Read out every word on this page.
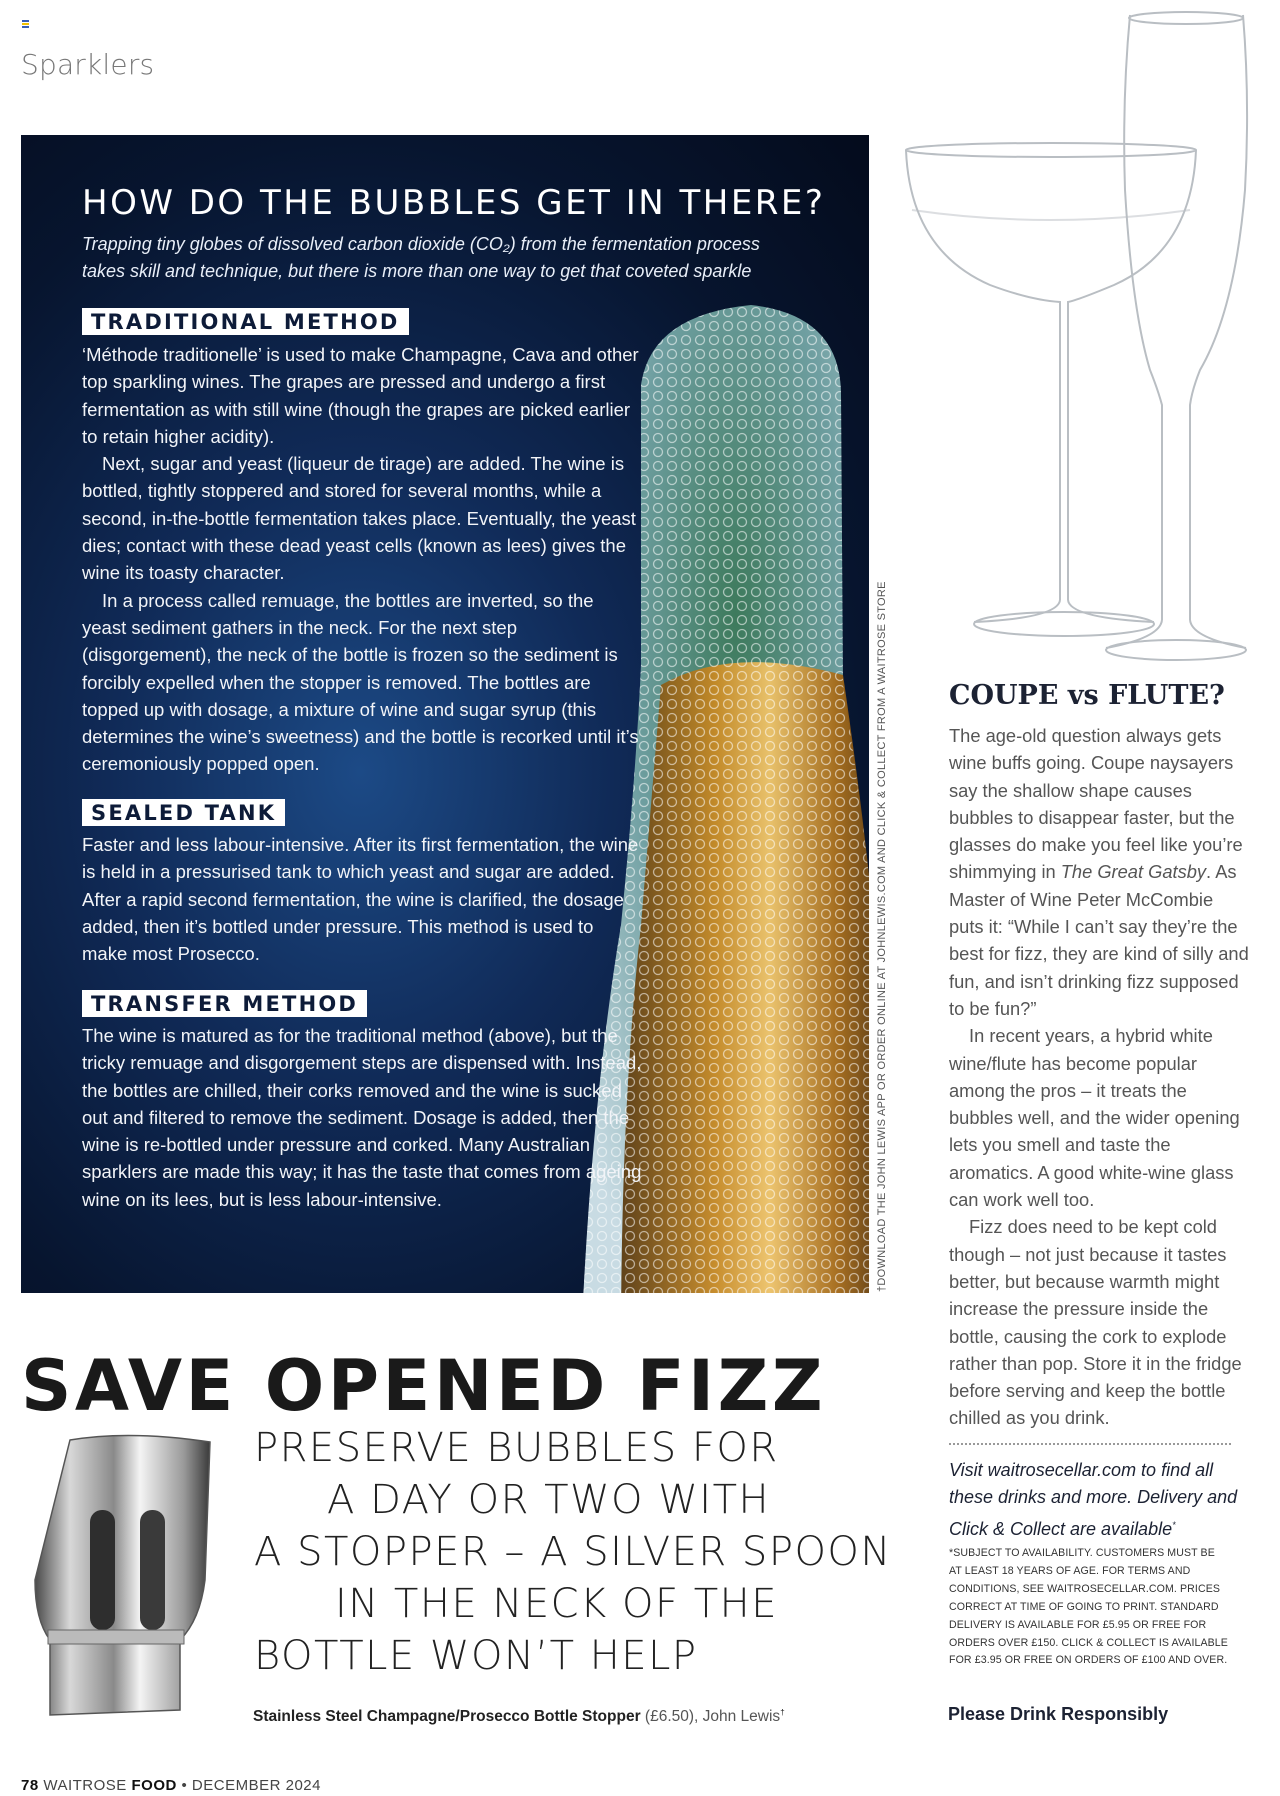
Sparklers
HOW DO THE BUBBLES GET IN THERE?
Trapping tiny globes of dissolved carbon dioxide (CO₂) from the fermentation process takes skill and technique, but there is more than one way to get that coveted sparkle
TRADITIONAL METHOD

‘Méthode traditionelle’ is used to make Champagne, Cava and other top sparkling wines. The grapes are pressed and undergo a first fermentation as with still wine (though the grapes are picked earlier to retain higher acidity).

Next, sugar and yeast (liqueur de tirage) are added. The wine is bottled, tightly stoppered and stored for several months, while a second, in-the-bottle fermentation takes place. Eventually, the yeast dies; contact with these dead yeast cells (known as lees) gives the wine its toasty character.

In a process called remuage, the bottles are inverted, so the yeast sediment gathers in the neck. For the next step (disgorgement), the neck of the bottle is frozen so the sediment is forcibly expelled when the stopper is removed. The bottles are topped up with dosage, a mixture of wine and sugar syrup (this determines the wine’s sweetness) and the bottle is recorked until it’s ceremoniously popped open.

SEALED TANK
Faster and less labour-intensive. After its first fermentation, the wine is held in a pressurised tank to which yeast and sugar are added. After a rapid second fermentation, the wine is clarified, the dosage added, then it’s bottled under pressure. This method is used to make most Prosecco.
TRANSFER METHOD
The wine is matured as for the traditional method (above), but the tricky remuage and disgorgement steps are dispensed with. Instead, the bottles are chilled, their corks removed and the wine is sucked out and filtered to remove the sediment. Dosage is added, then the wine is re-bottled under pressure and corked. Many Australian sparklers are made this way; it has the taste that comes from ageing wine on its lees, but is less labour-intensive.	†DOWNLOAD THE JOHN LEWIS APP OR ORDER ONLINE AT JOHNLEWIS.COM AND CLICK & COLLECT FROM A WAITROSE STORE COUPE vs FLUTE?

The age-old question always gets wine buffs going. Coupe naysayers say the shallow shape causes bubbles to disappear faster, but the glasses do make you feel like you’re shimmying in The Great Gatsby. As Master of Wine Peter McCombie puts it: “While I can’t say they’re the best for fizz, they are kind of silly and fun, and isn’t drinking fizz supposed to be fun?”

In recent years, a hybrid white wine/flute has become popular among the pros – it treats the bubbles well, and the wider opening lets you smell and taste the aromatics. A good white-wine glass can work well too.

Fizz does need to be kept cold though – not just because it tastes better, but because warmth might increase the pressure inside the bottle, causing the cork to explode rather than pop. Store it in the fridge before serving and keep the bottle chilled as you drink.

Visit waitrosecellar.com to find all these drinks and more. Delivery and Click & Collect are available*
*SUBJECT TO AVAILABILITY. CUSTOMERS MUST BE AT LEAST 18 YEARS OF AGE. FOR TERMS AND CONDITIONS, SEE WAITROSECELLAR.COM. PRICES CORRECT AT TIME OF GOING TO PRINT. STANDARD DELIVERY IS AVAILABLE FOR £5.95 OR FREE FOR ORDERS OVER £150. CLICK & COLLECT IS AVAILABLE FOR £3.95 OR FREE ON ORDERS OF £100 AND OVER.
Please Drink Responsibly
SAVE OPENED FIZZ
PRESERVE BUBBLES FOR
A DAY OR TWO WITH
A STOPPER – A SILVER SPOON
IN THE NECK OF THE
BOTTLE WON’T HELP
Stainless Steel Champagne/Prosecco Bottle Stopper (£6.50), John Lewis†
78 WAITROSE FOOD • DECEMBER 2024
